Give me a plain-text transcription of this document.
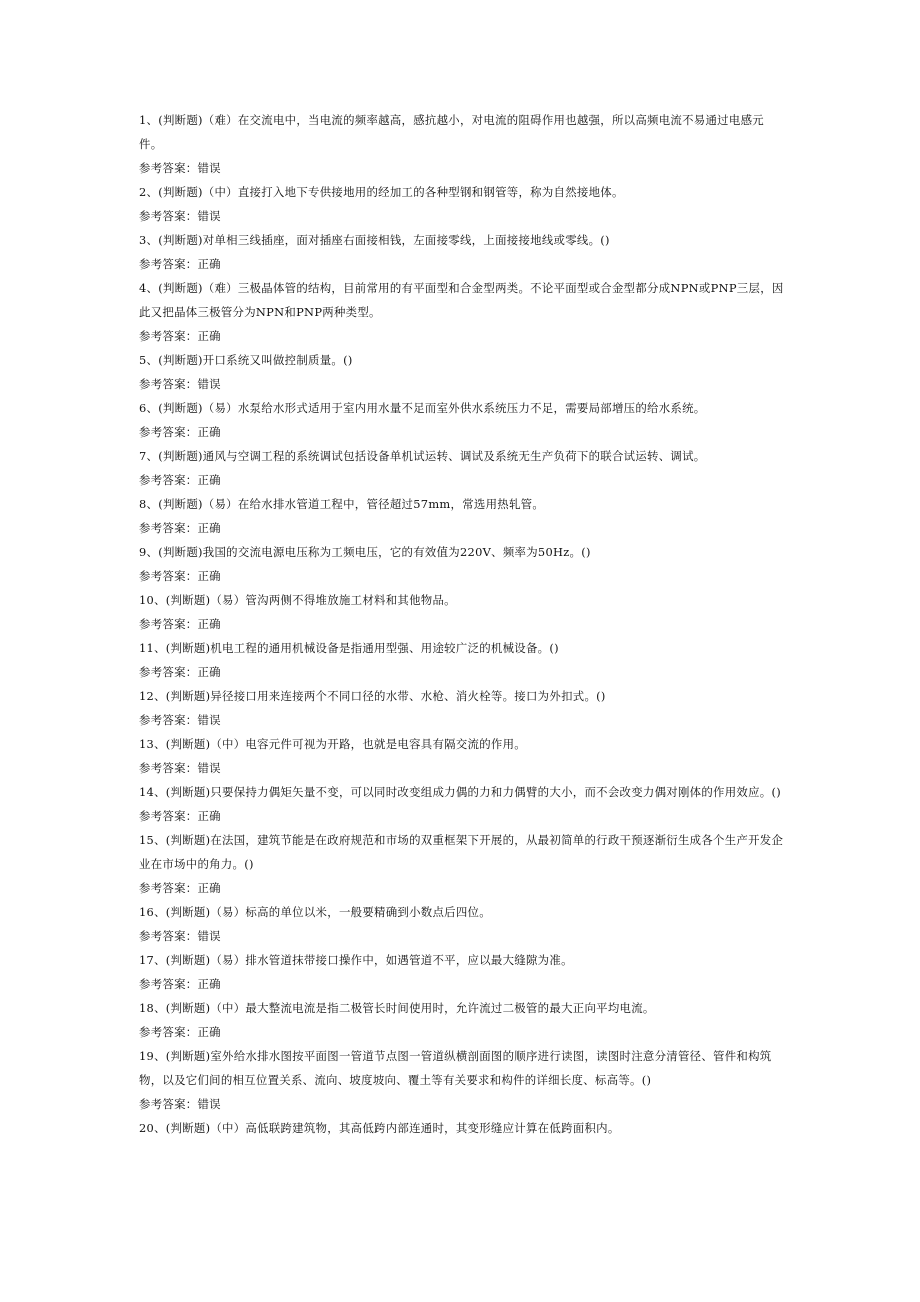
1、(判断题)（难）在交流电中，当电流的频率越高，感抗越小，对电流的阻碍作用也越强，所以高频电流不易通过电感元件。

参考答案：错误

2、(判断题)（中）直接打入地下专供接地用的经加工的各种型钢和钢管等，称为自然接地体。

参考答案：错误

3、(判断题)对单相三线插座，面对插座右面接相钱，左面接零线，上面接接地线或零线。()

参考答案：正确

4、(判断题)（难）三极晶体管的结构，目前常用的有平面型和合金型两类。不论平面型或合金型都分成NPN或PNP三层，因此又把晶体三极管分为NPN和PNP两种类型。

参考答案：正确

5、(判断题)开口系统又叫做控制质量。()

参考答案：错误

6、(判断题)（易）水泵给水形式适用于室内用水量不足而室外供水系统压力不足，需要局部增压的给水系统。

参考答案：正确

7、(判断题)通风与空调工程的系统调试包括设备单机试运转、调试及系统无生产负荷下的联合试运转、调试。

参考答案：正确

8、(判断题)（易）在给水排水管道工程中，管径超过57mm，常选用热轧管。

参考答案：正确

9、(判断题)我国的交流电源电压称为工频电压，它的有效值为220V、频率为50Hz。()

参考答案：正确

10、(判断题)（易）管沟两侧不得堆放施工材料和其他物品。

参考答案：正确

11、(判断题)机电工程的通用机械设备是指通用型强、用途较广泛的机械设备。()

参考答案：正确

12、(判断题)异径接口用来连接两个不同口径的水带、水枪、消火栓等。接口为外扣式。()

参考答案：错误

13、(判断题)（中）电容元件可视为开路，也就是电容具有隔交流的作用。

参考答案：错误

14、(判断题)只要保持力偶矩矢量不变，可以同时改变组成力偶的力和力偶臂的大小，而不会改变力偶对刚体的作用效应。()

参考答案：正确

15、(判断题)在法国，建筑节能是在政府规范和市场的双重框架下开展的，从最初简单的行政干预逐渐衍生成各个生产开发企业在市场中的角力。()

参考答案：正确

16、(判断题)（易）标高的单位以米，一般要精确到小数点后四位。

参考答案：错误

17、(判断题)（易）排水管道抹带接口操作中，如遇管道不平，应以最大缝隙为准。

参考答案：正确

18、(判断题)（中）最大整流电流是指二极管长时间使用时，允许流过二极管的最大正向平均电流。

参考答案：正确

19、(判断题)室外给水排水图按平面图一管道节点图一管道纵横剖面图的顺序进行读图，读图时注意分清管径、管件和构筑物，以及它们间的相互位置关系、流向、坡度坡向、覆土等有关要求和构件的详细长度、标高等。()

参考答案：错误

20、(判断题)（中）高低联跨建筑物，其高低跨内部连通时，其变形缝应计算在低跨面积内。
